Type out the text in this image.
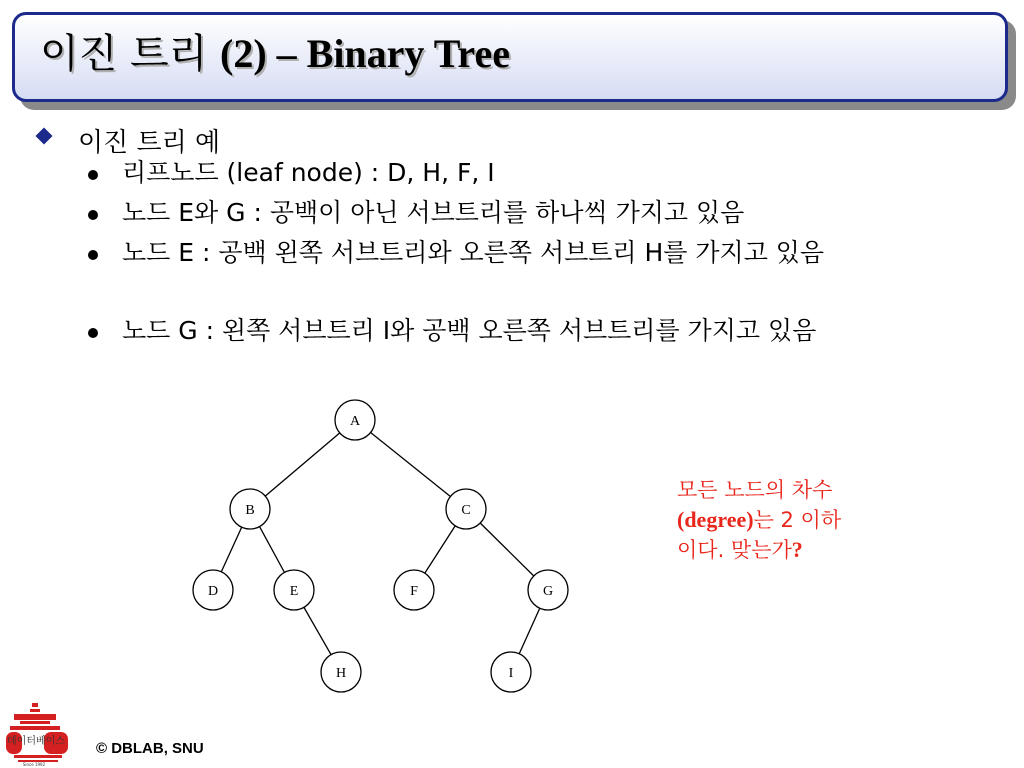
이진 트리 (2) – Binary Tree
이진 트리 예
리프노드 (leaf node) : D, H, F, I
노드 E와 G : 공백이 아닌 서브트리를 하나씩 가지고 있음
노드 E : 공백 왼쪽 서브트리와 오른쪽 서브트리 H를 가지고 있음
노드 G : 왼쪽 서브트리 I와 공백 오른쪽 서브트리를 가지고 있음
A
B	C
D	E	F	G
H	I
모든 노드의 차수
(degree)는 2 이하
이다. 맞는가?
데이터베이스
Since 1992
© DBLAB, SNU
